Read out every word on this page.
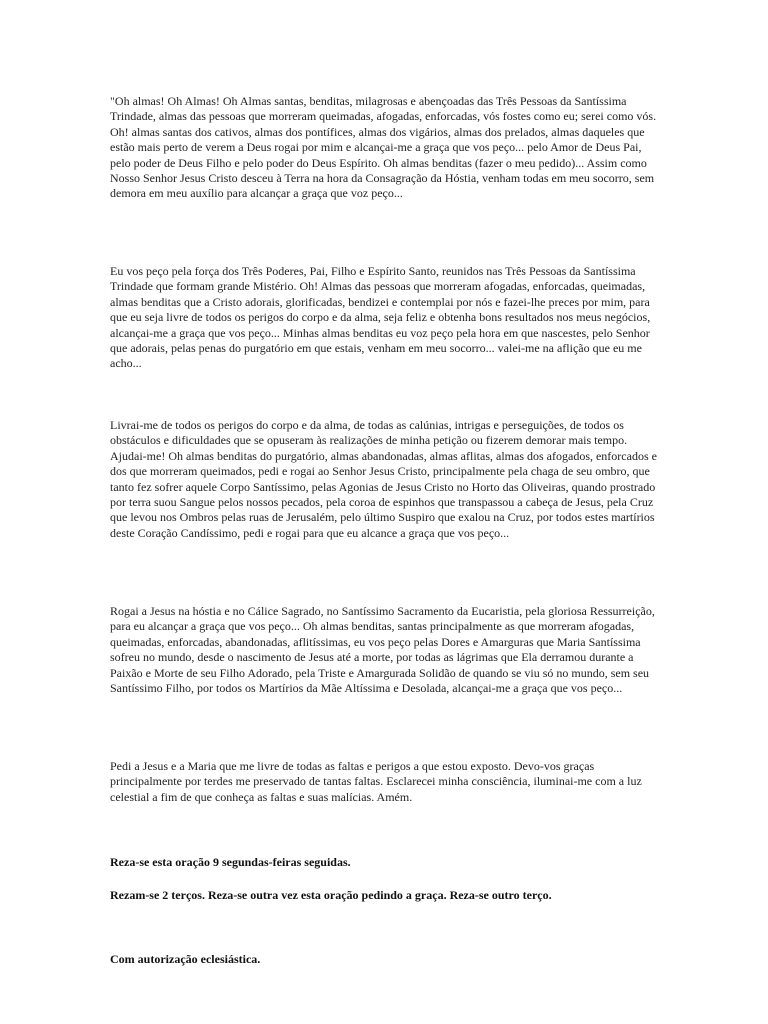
"Oh almas! Oh Almas! Oh Almas santas, benditas, milagrosas e abençoadas das Três Pessoas da Santíssima Trindade, almas das pessoas que morreram queimadas, afogadas, enforcadas, vós fostes como eu; serei como vós. Oh! almas santas dos cativos, almas dos pontífices, almas dos vigários, almas dos prelados, almas daqueles que estão mais perto de verem a Deus rogai por mim e alcançai-me a graça que vos peço... pelo Amor de Deus Pai, pelo poder de Deus Filho e pelo poder do Deus Espírito. Oh almas benditas (fazer o meu pedido)... Assim como Nosso Senhor Jesus Cristo desceu à Terra na hora da Consagração da Hóstia, venham todas em meu socorro, sem demora em meu auxílio para alcançar a graça que voz peço...

Eu vos peço pela força dos Três Poderes, Pai, Filho e Espírito Santo, reunidos nas Três Pessoas da Santíssima Trindade que formam grande Mistério. Oh! Almas das pessoas que morreram afogadas, enforcadas, queimadas, almas benditas que a Cristo adorais, glorificadas, bendizei e contemplai por nós e fazei-lhe preces por mim, para que eu seja livre de todos os perigos do corpo e da alma, seja feliz e obtenha bons resultados nos meus negócios, alcançai-me a graça que vos peço... Minhas almas benditas eu voz peço pela hora em que nascestes, pelo Senhor que adorais, pelas penas do purgatório em que estais, venham em meu socorro... valei-me na aflição que eu me acho...

Livrai-me de todos os perigos do corpo e da alma, de todas as calúnias, intrigas e perseguições, de todos os obstáculos e dificuldades que se opuseram às realizações de minha petição ou fizerem demorar mais tempo. Ajudai-me! Oh almas benditas do purgatório, almas abandonadas, almas aflitas, almas dos afogados, enforcados e dos que morreram queimados, pedi e rogai ao Senhor Jesus Cristo, principalmente pela chaga de seu ombro, que tanto fez sofrer aquele Corpo Santíssimo, pelas Agonias de Jesus Cristo no Horto das Oliveiras, quando prostrado por terra suou Sangue pelos nossos pecados, pela coroa de espinhos que transpassou a cabeça de Jesus, pela Cruz que levou nos Ombros pelas ruas de Jerusalém, pelo último Suspiro que exalou na Cruz, por todos estes martírios deste Coração Candíssimo, pedi e rogai para que eu alcance a graça que vos peço...

Rogai a Jesus na hóstia e no Cálice Sagrado, no Santíssimo Sacramento da Eucaristia, pela gloriosa Ressurreição, para eu alcançar a graça que vos peço... Oh almas benditas, santas principalmente as que morreram afogadas, queimadas, enforcadas, abandonadas, aflitíssimas, eu vos peço pelas Dores e Amarguras que Maria Santíssima sofreu no mundo, desde o nascimento de Jesus até a morte, por todas as lágrimas que Ela derramou durante a Paixão e Morte de seu Filho Adorado, pela Triste e Amargurada Solidão de quando se viu só no mundo, sem seu Santíssimo Filho, por todos os Martírios da Mãe Altíssima e Desolada, alcançai-me a graça que vos peço...

Pedi a Jesus e a Maria que me livre de todas as faltas e perigos a que estou exposto. Devo-vos graças principalmente por terdes me preservado de tantas faltas. Esclarecei minha consciência, iluminai-me com a luz celestial a fim de que conheça as faltas e suas malícias. Amém.

Reza-se esta oração 9 segundas-feiras seguidas.

Rezam-se 2 terços. Reza-se outra vez esta oração pedindo a graça. Reza-se outro terço.

Com autorização eclesiástica.
